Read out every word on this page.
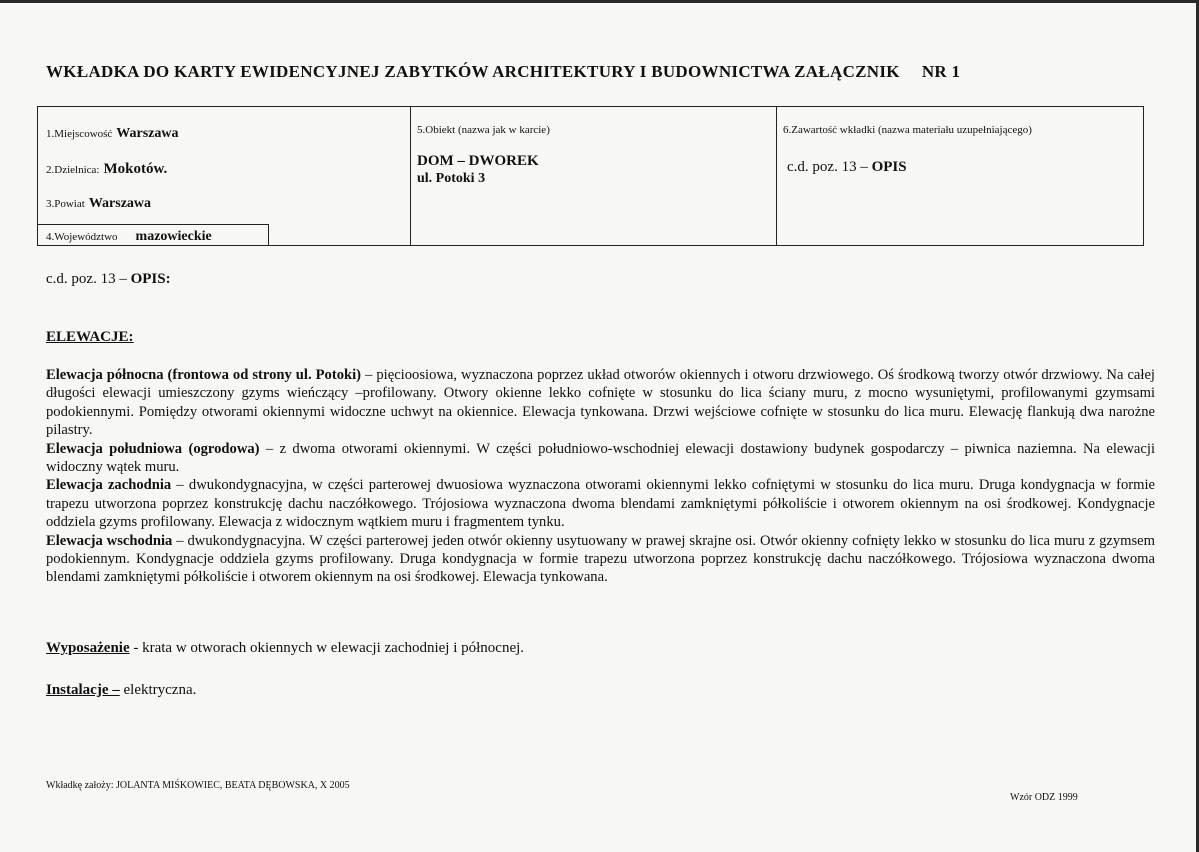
WKŁADKA DO KARTY EWIDENCYJNEJ ZABYTKÓW ARCHITEKTURY I BUDOWNICTWA ZAŁĄCZNIK NR 1
1.Miejscowość Warszawa
2.Dzielnica: Mokotów.
3.Powiat Warszawa
4.Województwo mazowieckie
5.Obiekt (nazwa jak w karcie)
DOM – DWOREK
ul. Potoki 3
6.Zawartość wkładki (nazwa materiału uzupełniającego)
c.d. poz. 13 – OPIS
c.d. poz. 13 – OPIS:
ELEWACJE:

Elewacja północna (frontowa od strony ul. Potoki) – pięcioosiowa, wyznaczona poprzez układ otworów okiennych i otworu drzwiowego. Oś środkową tworzy otwór drzwiowy. Na całej długości elewacji umieszczony gzyms wieńczący –profilowany. Otwory okienne lekko cofnięte w stosunku do lica ściany muru, z mocno wysuniętymi, profilowanymi gzymsami podokiennymi. Pomiędzy otworami okiennymi widoczne uchwyt na okiennice. Elewacja tynkowana. Drzwi wejściowe cofnięte w stosunku do lica muru. Elewację flankują dwa narożne pilastry.

Elewacja południowa (ogrodowa) – z dwoma otworami okiennymi. W części południowo-wschodniej elewacji dostawiony budynek gospodarczy – piwnica naziemna. Na elewacji widoczny wątek muru.

Elewacja zachodnia – dwukondygnacyjna, w części parterowej dwuosiowa wyznaczona otworami okiennymi lekko cofniętymi w stosunku do lica muru. Druga kondygnacja w formie trapezu utworzona poprzez konstrukcję dachu naczółkowego. Trójosiowa wyznaczona dwoma blendami zamkniętymi półkoliście i otworem okiennym na osi środkowej. Kondygnacje oddziela gzyms profilowany. Elewacja z widocznym wątkiem muru i fragmentem tynku.

Elewacja wschodnia – dwukondygnacyjna. W części parterowej jeden otwór okienny usytuowany w prawej skrajne osi. Otwór okienny cofnięty lekko w stosunku do lica muru z gzymsem podokiennym. Kondygnacje oddziela gzyms profilowany. Druga kondygnacja w formie trapezu utworzona poprzez konstrukcję dachu naczółkowego. Trójosiowa wyznaczona dwoma blendami zamkniętymi półkoliście i otworem okiennym na osi środkowej. Elewacja tynkowana.

Wyposażenie - krata w otworach okiennych w elewacji zachodniej i północnej.
Instalacje – elektryczna.
Wkładkę założy: JOLANTA MIŚKOWIEC, BEATA DĘBOWSKA, X 2005
Wzór ODZ 1999
